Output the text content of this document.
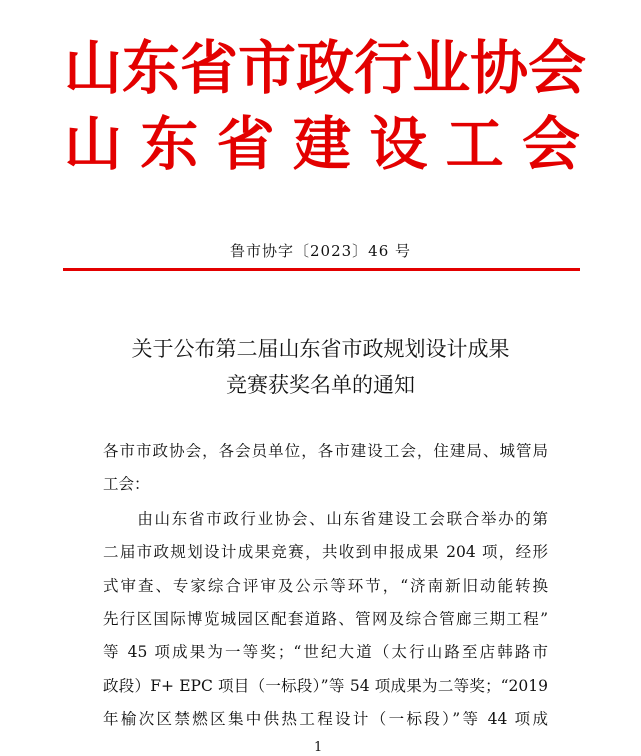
山 东 省 市 政 行 业 协 会
山 东 省 建 设 工 会
鲁市协字〔2023〕46 号
关于公布第二届山东省市政规划设计成果
竞赛获奖名单的通知
各市市政协会，各会员单位，各市建设工会，住建局、城管局
工会：
　　由山东省市政行业协会、山东省建设工会联合举办的第
二届市政规划设计成果竞赛，共收到申报成果 204 项，经形
式审查、专家综合评审及公示等环节，“济南新旧动能转换
先行区国际博览城园区配套道路、管网及综合管廊三期工程”
等 45 项成果为一等奖；“世纪大道（太行山路至店韩路市
政段）F+ EPC 项目（一标段）”等 54 项成果为二等奖；“2019
年榆次区禁燃区集中供热工程设计（一标段）”等 44 项成
1
